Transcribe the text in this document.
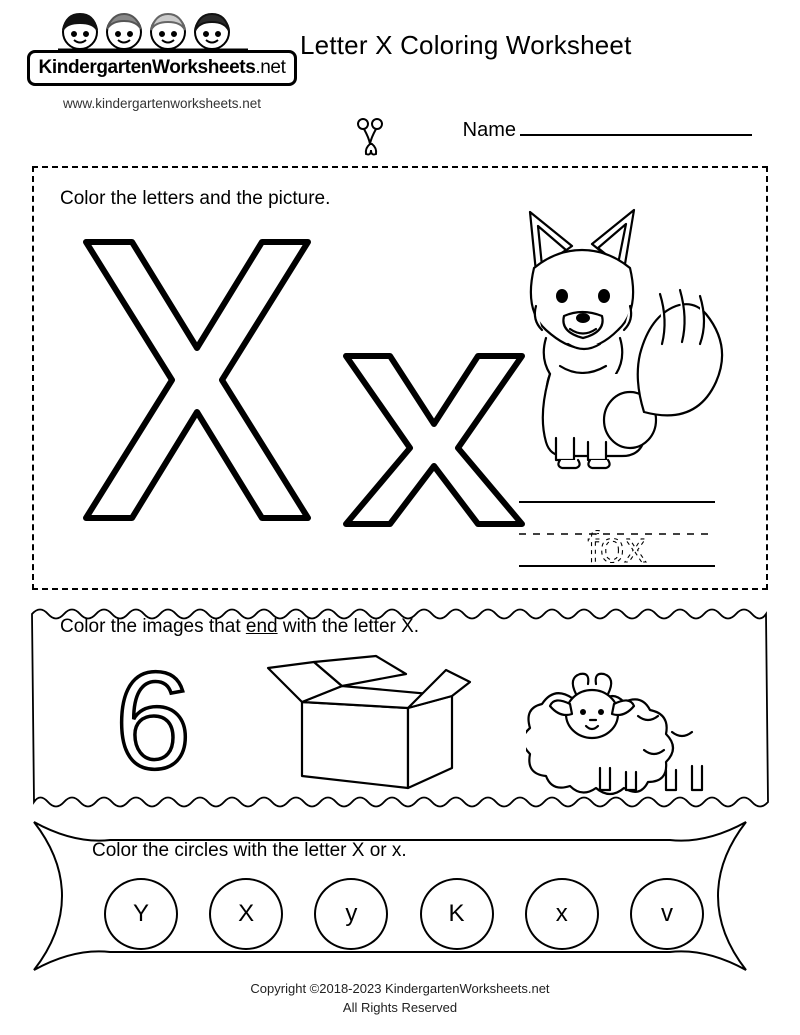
Kindergarten Worksheets .net
www.kindergartenworksheets.net
Letter X Coloring Worksheet
Name
Color the letters and the picture.
fox
Color the images that end with the letter X.
6
Color the circles with the letter X or x.
Y	X	y	K	x	v
Copyright ©2018-2023 KindergartenWorksheets.net
All Rights Reserved
